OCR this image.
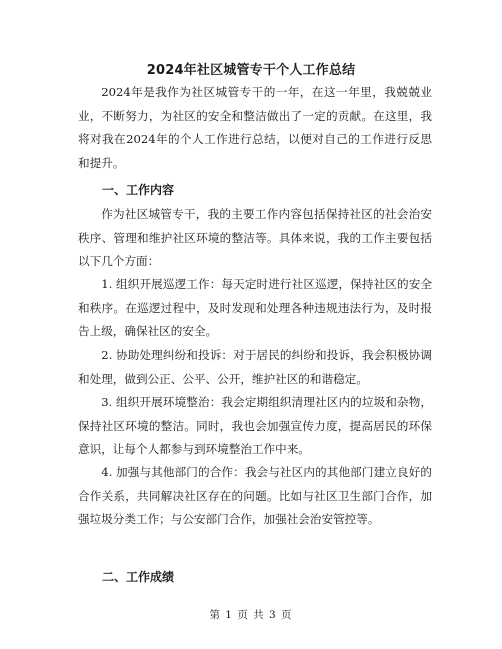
2024年社区城管专干个人工作总结

2024年是我作为社区城管专干的一年，在这一年里，我兢兢业业，不断努力，为社区的安全和整洁做出了一定的贡献。在这里，我将对我在2024年的个人工作进行总结，以便对自己的工作进行反思和提升。

一、工作内容

作为社区城管专干，我的主要工作内容包括保持社区的社会治安秩序、管理和维护社区环境的整洁等。具体来说，我的工作主要包括以下几个方面：

1. 组织开展巡逻工作：每天定时进行社区巡逻，保持社区的安全和秩序。在巡逻过程中，及时发现和处理各种违规违法行为，及时报告上级，确保社区的安全。

2. 协助处理纠纷和投诉：对于居民的纠纷和投诉，我会积极协调和处理，做到公正、公平、公开，维护社区的和谐稳定。

3. 组织开展环境整治：我会定期组织清理社区内的垃圾和杂物，保持社区环境的整洁。同时，我也会加强宣传力度，提高居民的环保意识，让每个人都参与到环境整治工作中来。

4. 加强与其他部门的合作：我会与社区内的其他部门建立良好的合作关系，共同解决社区存在的问题。比如与社区卫生部门合作，加强垃圾分类工作；与公安部门合作，加强社会治安管控等。

二、工作成绩
第 1 页 共 3 页
